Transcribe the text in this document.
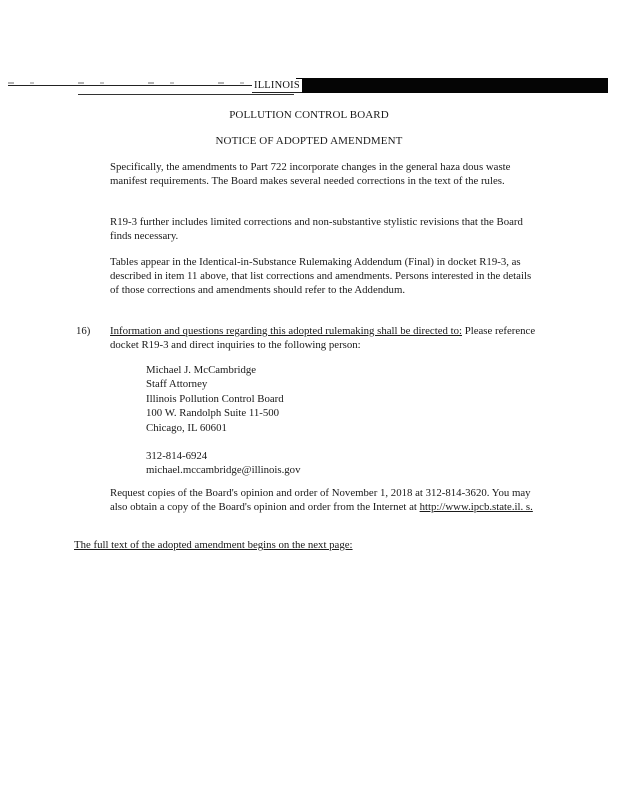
ILLINOIS
POLLUTION CONTROL BOARD
NOTICE OF ADOPTED AMENDMENT
Specifically, the amendments to Part 722 incorporate changes in the general haza dous waste manifest requirements. The Board makes several needed corrections in the text of the rules.
R19-3 further includes limited corrections and non-substantive stylistic revisions that the Board finds necessary.
Tables appear in the Identical-in-Substance Rulemaking Addendum (Final) in docket R19-3, as described in item 11 above, that list corrections and amendments. Persons interested in the details of those corrections and amendments should refer to the Addendum.
16) Information and questions regarding this adopted rulemaking shall be directed to: Please reference docket R19-3 and direct inquiries to the following person:
Michael J. McCambridge
Staff Attorney
Illinois Pollution Control Board
100 W. Randolph Suite 11-500
Chicago, IL 60601
312-814-6924
michael.mccambridge@illinois.gov
Request copies of the Board's opinion and order of November 1, 2018 at 312-814-3620. You may also obtain a copy of the Board's opinion and order from the Internet at http://www.ipcb.state.il. s.
The full text of the adopted amendment begins on the next page:
